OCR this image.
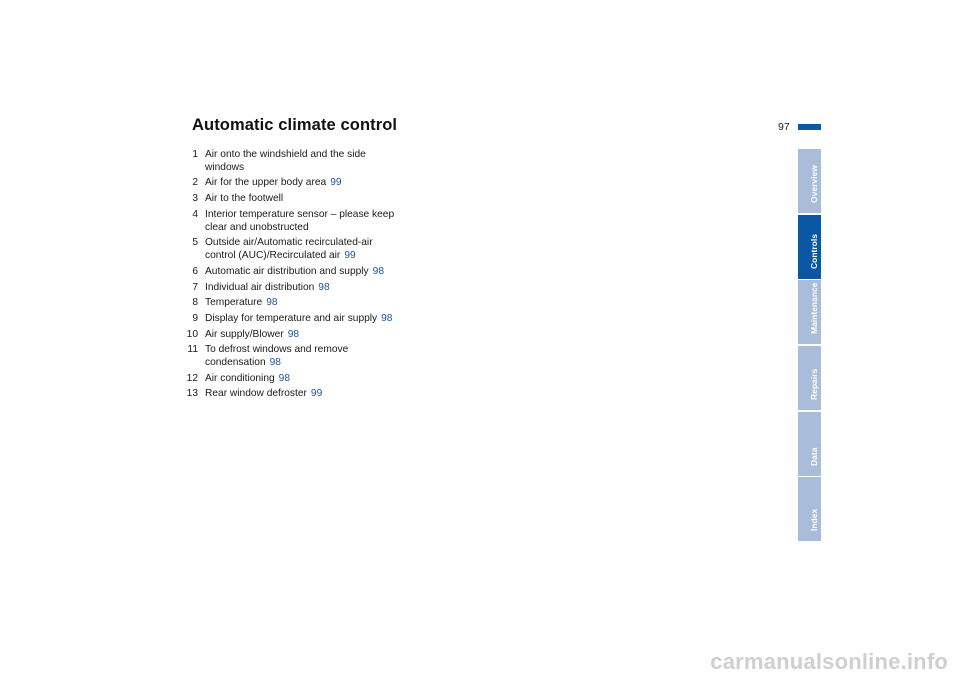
Automatic climate control	97
1 Air onto the windshield and the side windows
2 Air for the upper body area 99
3 Air to the footwell
4 Interior temperature sensor – please keep clear and unobstructed
5 Outside air/Automatic recirculated-air control (AUC)/Recirculated air 99
6 Automatic air distribution and supply 98
7 Individual air distribution 98
8 Temperature 98
9 Display for temperature and air supply 98
10 Air supply/Blower 98
11 To defrost windows and remove condensation 98
12 Air conditioning 98
13 Rear window defroster 99
Overview
Controls
Maintenance
Repairs
Data
Index
carmanualsonline.info
